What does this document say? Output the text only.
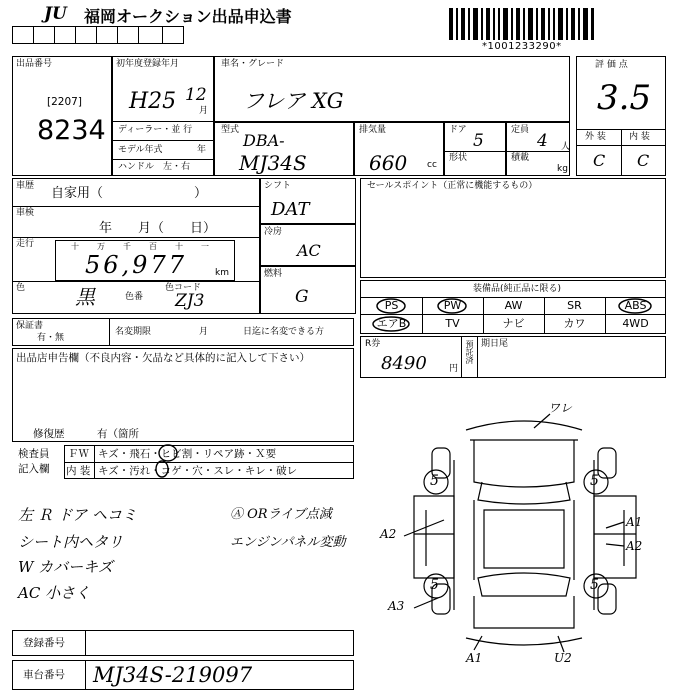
JU 福岡オークション出品申込書
*1001233290*
出品番号
[2207]
8234
初年度登録年月
H25 12
月
ディーラー・並 行
モデル年式	年
ハンドル　左・右
車名・グレード
フレア XG
型式
DBA-
MJ34S
排気量
660 cc
ドア
5
形状
定員
4 人
積載
kg
評 価 点
3.5
外 装	内 装
C C
車歴 自家用（　　　　　　　）
車検
年　　月（　　日）
走行	十 万 千 百 十 一
56,977	km
色 黒	色番
色コード
ZJ3
シフト
DAT
冷房
AC
燃料
G
セールスポイント（正常に機能するもの）
装備品(純正品に限る)
PS	PW	AW	SR	ABS
エアB	TV	ナビ	カワ	4WD
R券
8490 円
預託済 期日尾
保証書
有・無
名変期限	月	日迄に名変できる方
出品店申告欄（不良内容・欠品など具体的に記入して下さい）
修復歴	有（箇所
検査員
記入欄
ＦＷ キズ・飛石・ヒビ割・リペア跡・Ｘ要
内 装 キズ・汚れ・コゲ・穴・スレ・キレ・破レ
左 Ｒ ドア ヘコミ
シート内ヘタリ
W カバーキズ
AC 小さく
Ⓐ ORライブ点減
エンジンパネル変動
ワレ
5	5
5	5
A2
A1
A2
A3
A1	U2
登録番号
車台番号 MJ34S-219097
